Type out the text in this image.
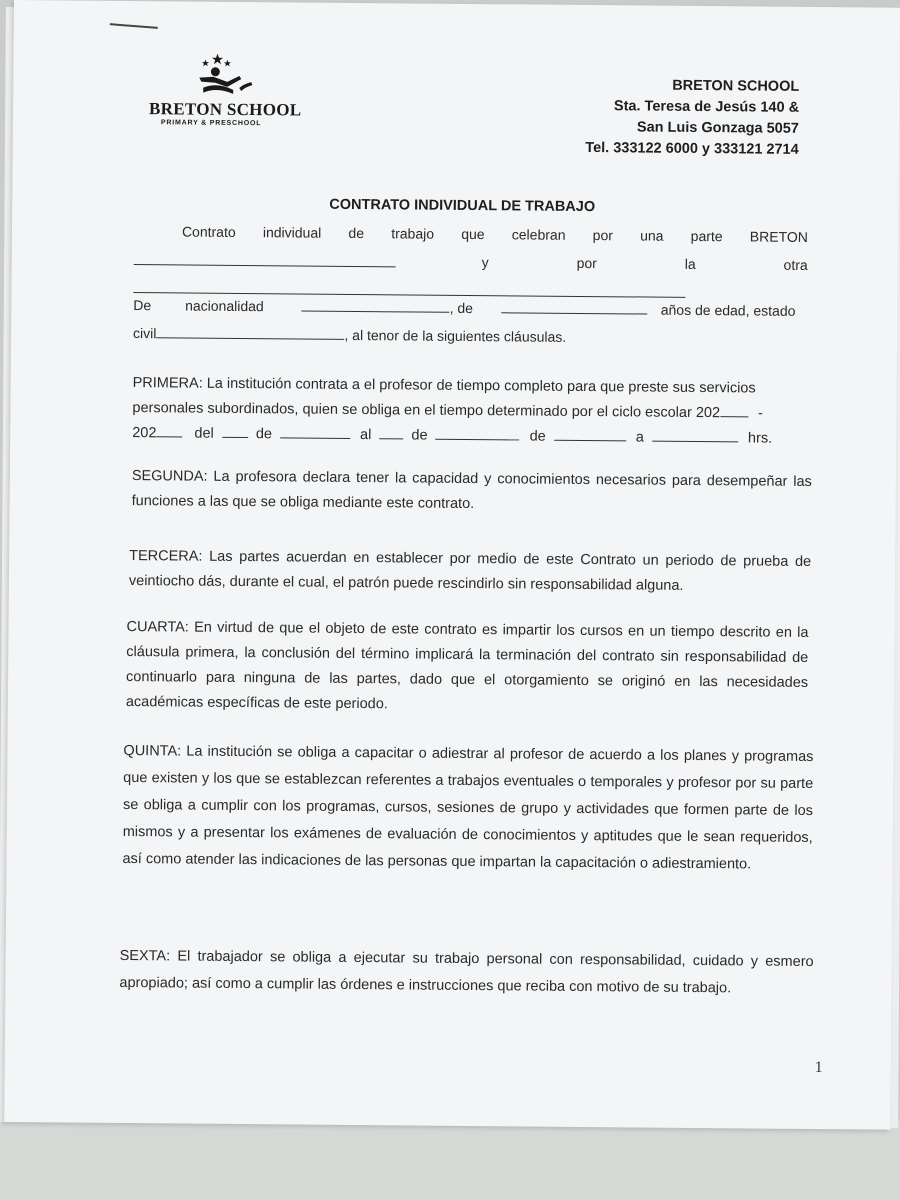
BRETON SCHOOL
PRIMARY & PRESCHOOL
BRETON SCHOOL
Sta. Teresa de Jesús 140 &
San Luis Gonzaga 5057
Tel. 333122 6000 y 333121 2714
CONTRATO INDIVIDUAL DE TRABAJO
Contrato individual de trabajo que celebran por una parte BRETON
y	por	la	otra
De nacionalidad	, de	años de edad, estado
civil	, al tenor de la siguientes cláusulas.
PRIMERA: La institución contrata a el profesor de tiempo completo para que preste sus servicios
personales subordinados, quien se obliga en el tiempo determinado por el ciclo escolar 202	-
202	del	de	al	de	de	a	hrs.
SEGUNDA: La profesora declara tener la capacidad y conocimientos necesarios para desempeñar las funciones a las que se obliga mediante este contrato.
TERCERA: Las partes acuerdan en establecer por medio de este Contrato un periodo de prueba de veintiocho dás, durante el cual, el patrón puede rescindirlo sin responsabilidad alguna.
CUARTA: En virtud de que el objeto de este contrato es impartir los cursos en un tiempo descrito en la cláusula primera, la conclusión del término implicará la terminación del contrato sin responsabilidad de continuarlo para ninguna de las partes, dado que el otorgamiento se originó en las necesidades académicas específicas de este periodo.
QUINTA: La institución se obliga a capacitar o adiestrar al profesor de acuerdo a los planes y programas que existen y los que se establezcan referentes a trabajos eventuales o temporales y profesor por su parte se obliga a cumplir con los programas, cursos, sesiones de grupo y actividades que formen parte de los mismos y a presentar los exámenes de evaluación de conocimientos y aptitudes que le sean requeridos, así como atender las indicaciones de las personas que impartan la capacitación o adiestramiento.
SEXTA: El trabajador se obliga a ejecutar su trabajo personal con responsabilidad, cuidado y esmero apropiado; así como a cumplir las órdenes e instrucciones que reciba con motivo de su trabajo.
1
